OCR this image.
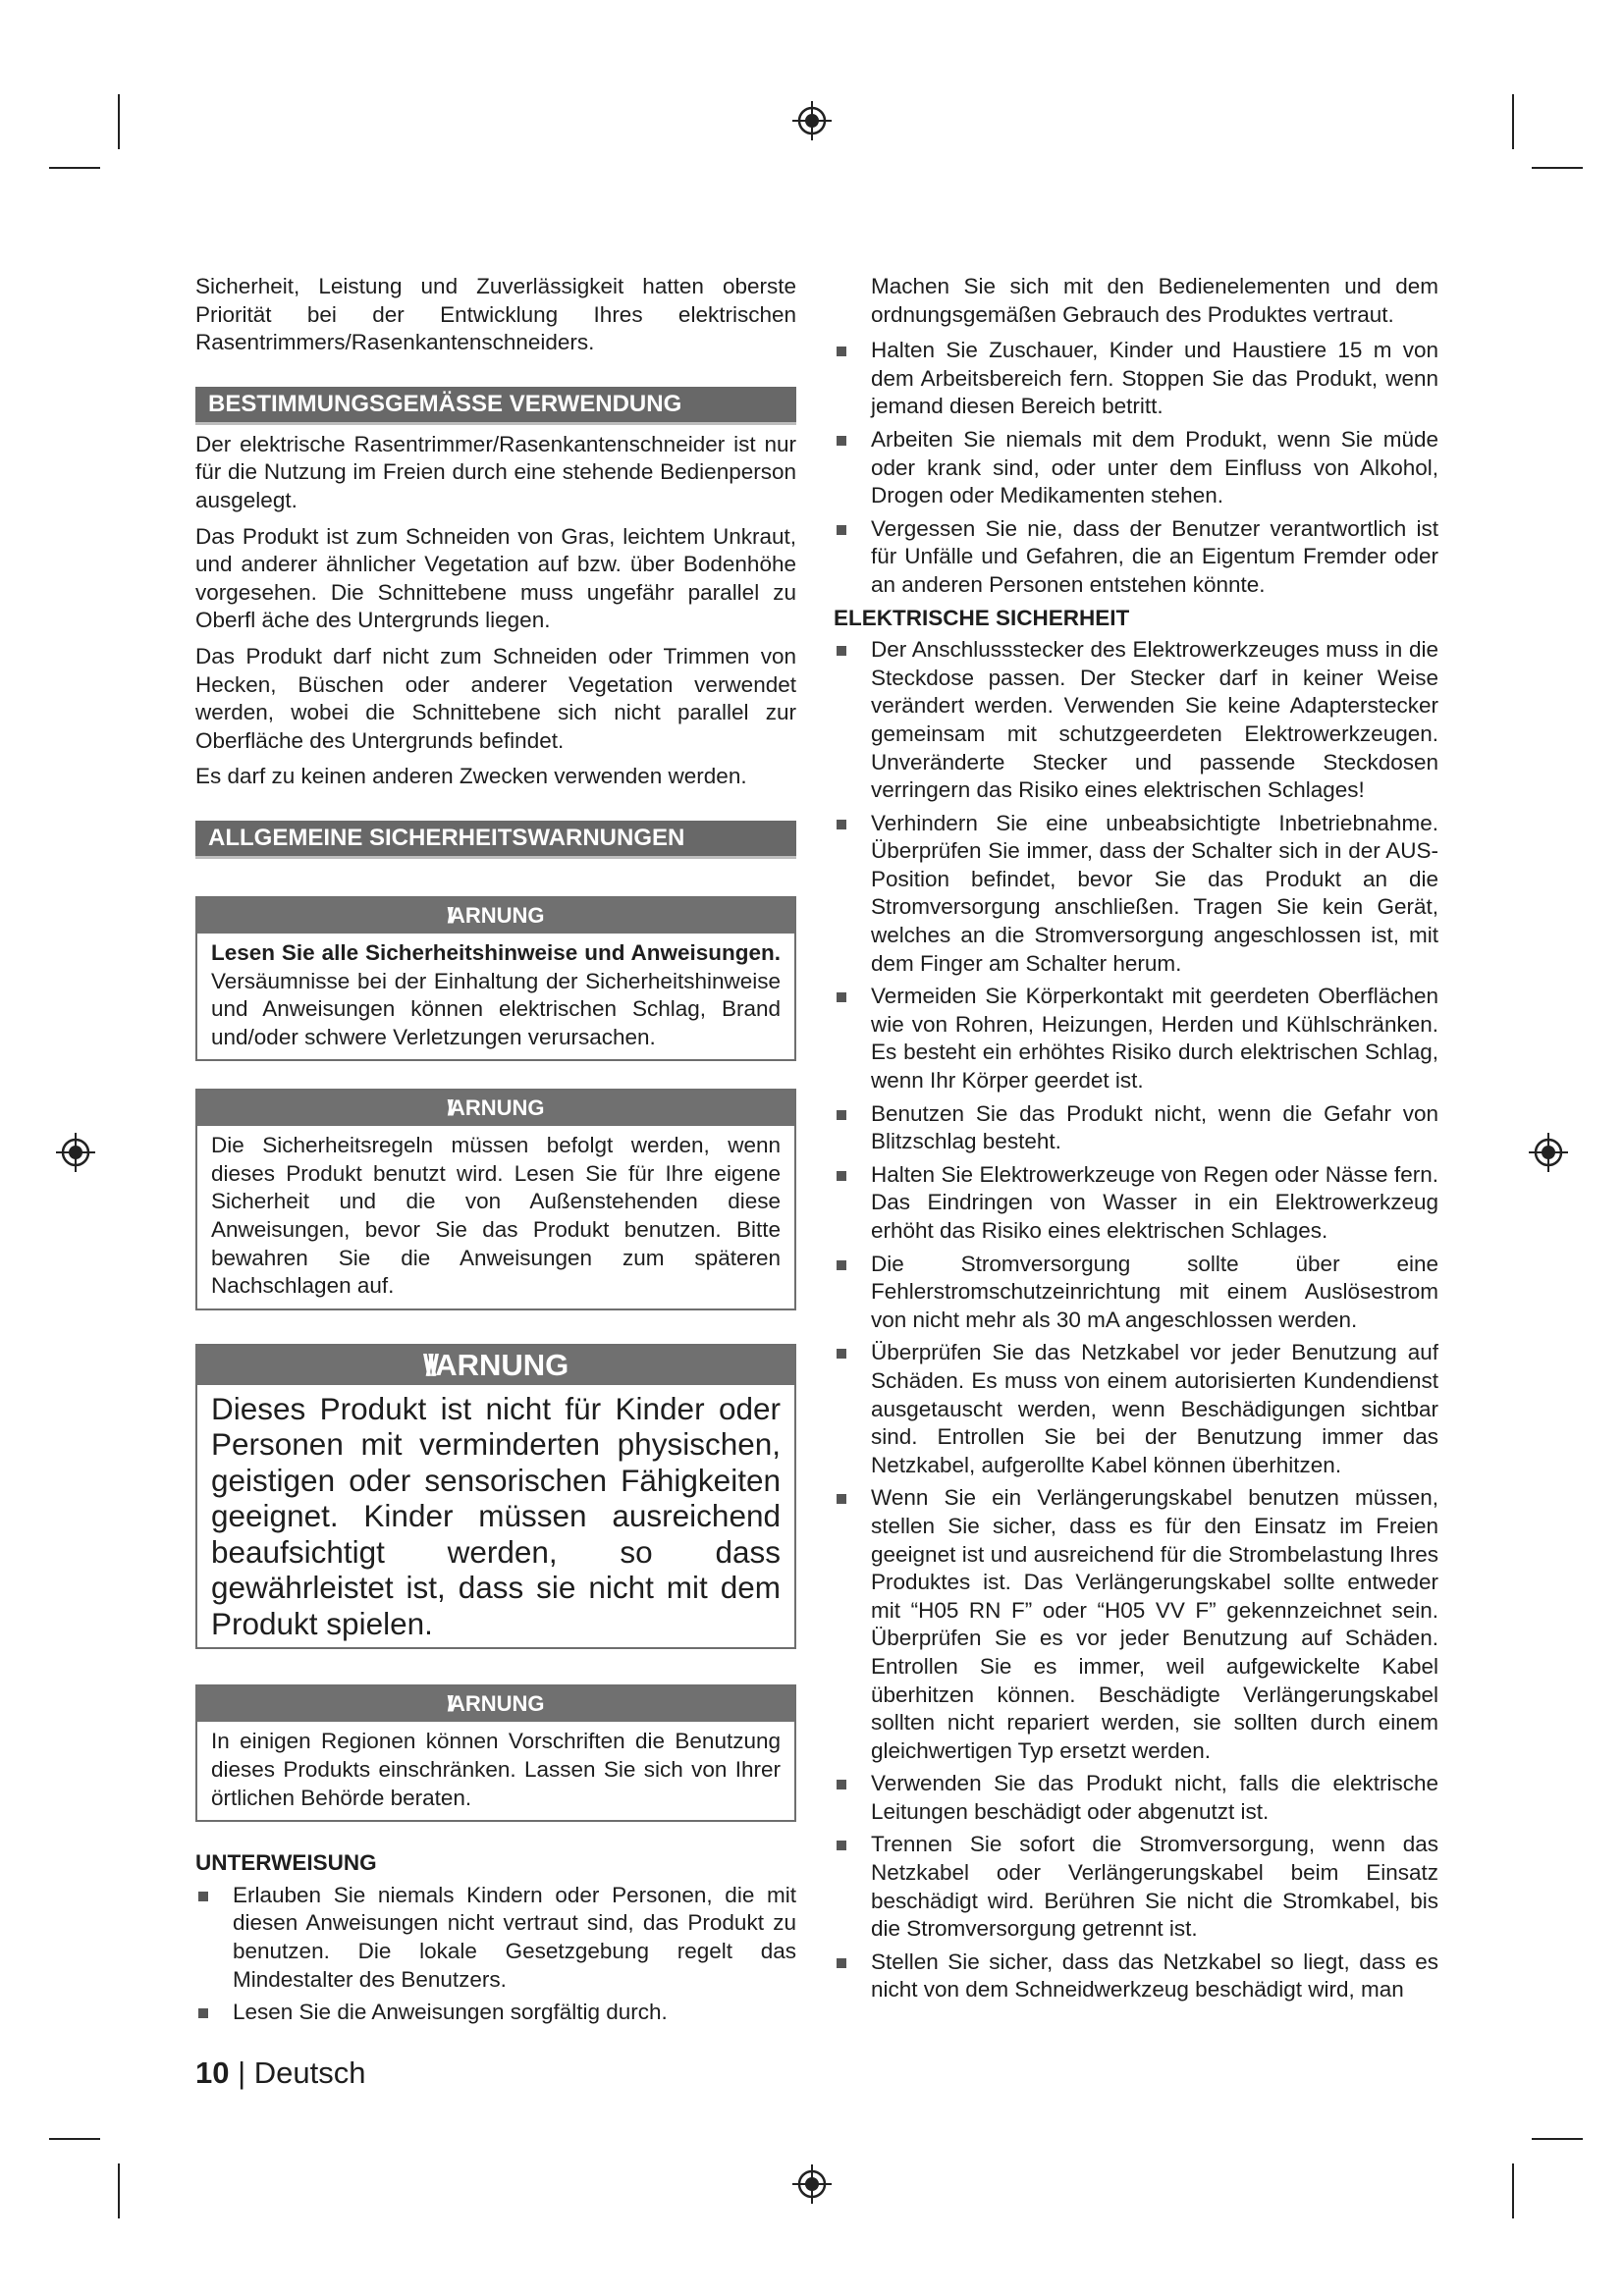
Sicherheit, Leistung und Zuverlässigkeit hatten oberste Priorität bei der Entwicklung Ihres elektrischen Rasentrimmers/Rasenkantenschneiders.

BESTIMMUNGSGEMÄSSE VERWENDUNG

Der elektrische Rasentrimmer/Rasenkantenschneider ist nur für die Nutzung im Freien durch eine stehende Bedienperson ausgelegt.

Das Produkt ist zum Schneiden von Gras, leichtem Unkraut, und anderer ähnlicher Vegetation auf bzw. über Bodenhöhe vorgesehen. Die Schnittebene muss ungefähr parallel zu Oberfl äche des Untergrunds liegen.

Das Produkt darf nicht zum Schneiden oder Trimmen von Hecken, Büschen oder anderer Vegetation verwendet werden, wobei die Schnittebene sich nicht parallel zur Oberfläche des Untergrunds befindet.

Es darf zu keinen anderen Zwecken verwenden werden.

ALLGEMEINE SICHERHEITSWARNUNGEN
\/\/ARNUNG
Lesen Sie alle Sicherheitshinweise und Anweisungen. Versäumnisse bei der Einhaltung der Sicherheitshinweise und Anweisungen können elektrischen Schlag, Brand und/oder schwere Verletzungen verursachen.
\/\/ARNUNG
Die Sicherheitsregeln müssen befolgt werden, wenn dieses Produkt benutzt wird. Lesen Sie für Ihre eigene Sicherheit und die von Außenstehenden diese Anweisungen, bevor Sie das Produkt benutzen. Bitte bewahren Sie die Anweisungen zum späteren Nachschlagen auf.
\/\/ARNUNG
Dieses Produkt ist nicht für Kinder oder Personen mit verminderten physischen, geistigen oder sensorischen Fähigkeiten geeignet. Kinder müssen ausreichend beaufsichtigt werden, so dass gewährleistet ist, dass sie nicht mit dem Produkt spielen.
\/\/ARNUNG
In einigen Regionen können Vorschriften die Benutzung dieses Produkts einschränken. Lassen Sie sich von Ihrer örtlichen Behörde beraten.
UNTERWEISUNG
Erlauben Sie niemals Kindern oder Personen, die mit diesen Anweisungen nicht vertraut sind, das Produkt zu benutzen. Die lokale Gesetzgebung regelt das Mindestalter des Benutzers.
Lesen Sie die Anweisungen sorgfältig durch.

Machen Sie sich mit den Bedienelementen und dem ordnungsgemäßen Gebrauch des Produktes vertraut.

Halten Sie Zuschauer, Kinder und Haustiere 15 m von dem Arbeitsbereich fern. Stoppen Sie das Produkt, wenn jemand diesen Bereich betritt.
Arbeiten Sie niemals mit dem Produkt, wenn Sie müde oder krank sind, oder unter dem Einfluss von Alkohol, Drogen oder Medikamenten stehen.
Vergessen Sie nie, dass der Benutzer verantwortlich ist für Unfälle und Gefahren, die an Eigentum Fremder oder an anderen Personen entstehen könnte.
ELEKTRISCHE SICHERHEIT
Der Anschlussstecker des Elektrowerkzeuges muss in die Steckdose passen. Der Stecker darf in keiner Weise verändert werden. Verwenden Sie keine Adapterstecker gemeinsam mit schutzgeerdeten Elektrowerkzeugen. Unveränderte Stecker und passende Steckdosen verringern das Risiko eines elektrischen Schlages!
Verhindern Sie eine unbeabsichtigte Inbetriebnahme. Überprüfen Sie immer, dass der Schalter sich in der AUS-Position befindet, bevor Sie das Produkt an die Stromversorgung anschließen. Tragen Sie kein Gerät, welches an die Stromversorgung angeschlossen ist, mit dem Finger am Schalter herum.
Vermeiden Sie Körperkontakt mit geerdeten Oberflächen wie von Rohren, Heizungen, Herden und Kühlschränken. Es besteht ein erhöhtes Risiko durch elektrischen Schlag, wenn Ihr Körper geerdet ist.
Benutzen Sie das Produkt nicht, wenn die Gefahr von Blitzschlag besteht.
Halten Sie Elektrowerkzeuge von Regen oder Nässe fern. Das Eindringen von Wasser in ein Elektrowerkzeug erhöht das Risiko eines elektrischen Schlages.
Die Stromversorgung sollte über eine Fehlerstromschutzeinrichtung mit einem Auslösestrom von nicht mehr als 30 mA angeschlossen werden.
Überprüfen Sie das Netzkabel vor jeder Benutzung auf Schäden. Es muss von einem autorisierten Kundendienst ausgetauscht werden, wenn Beschädigungen sichtbar sind. Entrollen Sie bei der Benutzung immer das Netzkabel, aufgerollte Kabel können überhitzen.
Wenn Sie ein Verlängerungskabel benutzen müssen, stellen Sie sicher, dass es für den Einsatz im Freien geeignet ist und ausreichend für die Strombelastung Ihres Produktes ist. Das Verlängerungskabel sollte entweder mit “H05 RN F” oder “H05 VV F” gekennzeichnet sein. Überprüfen Sie es vor jeder Benutzung auf Schäden. Entrollen Sie es immer, weil aufgewickelte Kabel überhitzen können. Beschädigte Verlängerungskabel sollten nicht repariert werden, sie sollten durch einem gleichwertigen Typ ersetzt werden.
Verwenden Sie das Produkt nicht, falls die elektrische Leitungen beschädigt oder abgenutzt ist.
Trennen Sie sofort die Stromversorgung, wenn das Netzkabel oder Verlängerungskabel beim Einsatz beschädigt wird. Berühren Sie nicht die Stromkabel, bis die Stromversorgung getrennt ist.
Stellen Sie sicher, dass das Netzkabel so liegt, dass es nicht von dem Schneidwerkzeug beschädigt wird, man
10 | Deutsch
